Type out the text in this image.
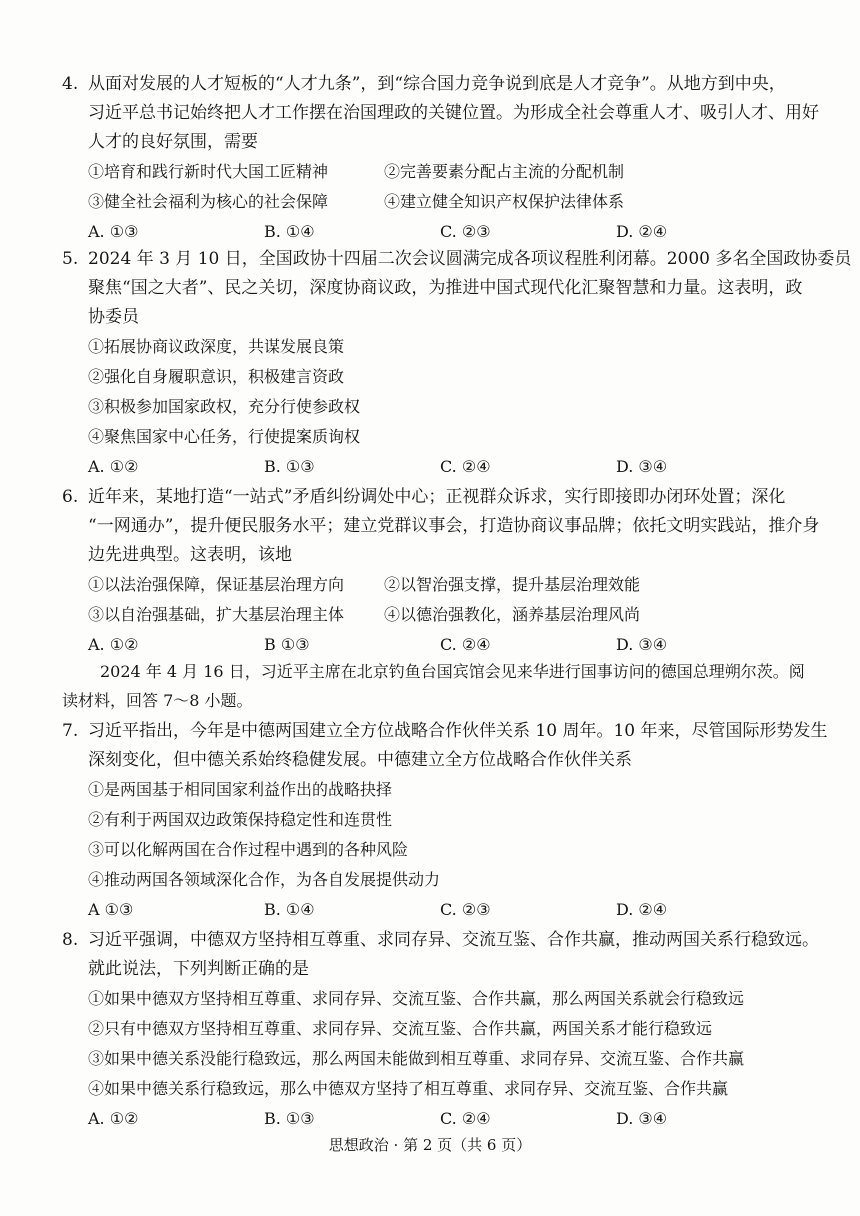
4. 从面对发展的人才短板的“人才九条”，到“综合国力竞争说到底是人才竞争”。从地方到中央，
习近平总书记始终把人才工作摆在治国理政的关键位置。为形成全社会尊重人才、吸引人才、用好
人才的良好氛围，需要
①培育和践行新时代大国工匠精神	②完善要素分配占主流的分配机制
③健全社会福利为核心的社会保障	④建立健全知识产权保护法律体系
A. ①③	B. ①④	C. ②③	D. ②④
5. 2024 年 3 月 10 日，全国政协十四届二次会议圆满完成各项议程胜利闭幕。2000 多名全国政协委员
聚焦“国之大者”、民之关切，深度协商议政，为推进中国式现代化汇聚智慧和力量。这表明，政
协委员
①拓展协商议政深度，共谋发展良策
②强化自身履职意识，积极建言资政
③积极参加国家政权，充分行使参政权
④聚焦国家中心任务，行使提案质询权
A. ①②	B. ①③	C. ②④	D. ③④
6. 近年来，某地打造“一站式”矛盾纠纷调处中心；正视群众诉求，实行即接即办闭环处置；深化
“一网通办”，提升便民服务水平；建立党群议事会，打造协商议事品牌；依托文明实践站，推介身
边先进典型。这表明，该地
①以法治强保障，保证基层治理方向	②以智治强支撑，提升基层治理效能
③以自治强基础，扩大基层治理主体	④以德治强教化，涵养基层治理风尚
A. ①②	B ①③	C. ②④	D. ③④
2024 年 4 月 16 日，习近平主席在北京钓鱼台国宾馆会见来华进行国事访问的德国总理朔尔茨。阅
读材料，回答 7～8 小题。
7. 习近平指出，今年是中德两国建立全方位战略合作伙伴关系 10 周年。10 年来，尽管国际形势发生
深刻变化，但中德关系始终稳健发展。中德建立全方位战略合作伙伴关系
①是两国基于相同国家利益作出的战略抉择
②有利于两国双边政策保持稳定性和连贯性
③可以化解两国在合作过程中遇到的各种风险
④推动两国各领域深化合作，为各自发展提供动力
A ①③	B. ①④	C. ②③	D. ②④
8. 习近平强调，中德双方坚持相互尊重、求同存异、交流互鉴、合作共赢，推动两国关系行稳致远。
就此说法，下列判断正确的是
①如果中德双方坚持相互尊重、求同存异、交流互鉴、合作共赢，那么两国关系就会行稳致远
②只有中德双方坚持相互尊重、求同存异、交流互鉴、合作共赢，两国关系才能行稳致远
③如果中德关系没能行稳致远，那么两国未能做到相互尊重、求同存异、交流互鉴、合作共赢
④如果中德关系行稳致远，那么中德双方坚持了相互尊重、求同存异、交流互鉴、合作共赢
A. ①②	B. ①③	C. ②④	D. ③④
思想政治 · 第 2 页（共 6 页）
